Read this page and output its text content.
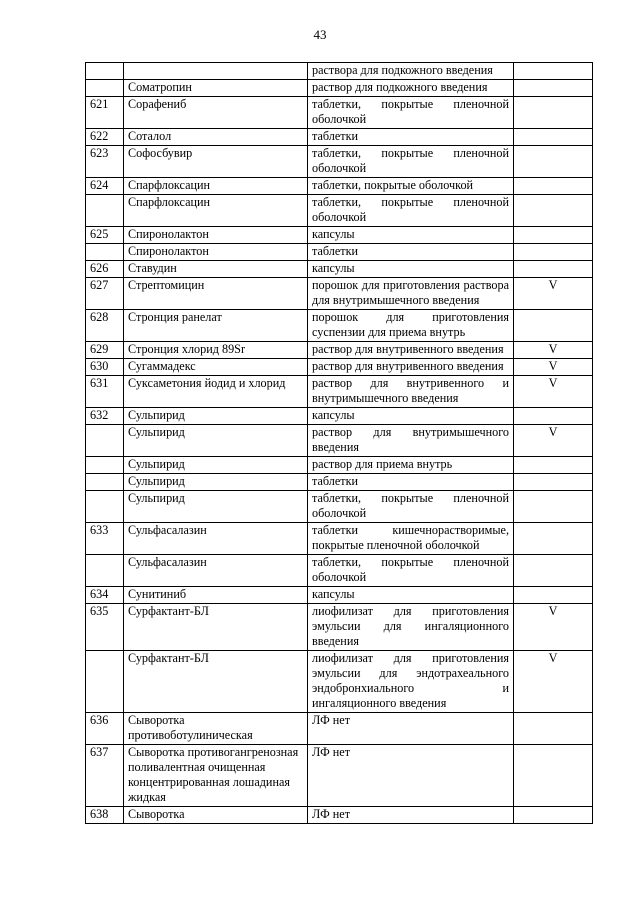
43
		раствора для подкожного введения	
	Соматропин	раствор для подкожного введения	
621	Сорафениб	таблетки, покрытые пленочной оболочкой	
622	Соталол	таблетки	
623	Софосбувир	таблетки, покрытые пленочной оболочкой	
624	Спарфлоксацин	таблетки, покрытые оболочкой	
	Спарфлоксацин	таблетки, покрытые пленочной оболочкой	
625	Спиронолактон	капсулы	
	Спиронолактон	таблетки	
626	Ставудин	капсулы	
627	Стрептомицин	порошок для приготовления раствора для внутримышечного введения	V
628	Стронция ранелат	порошок для приготовления суспензии для приема внутрь	
629	Стронция хлорид 89Sr	раствор для внутривенного введения	V
630	Сугаммадекс	раствор для внутривенного введения	V
631	Суксаметония йодид и хлорид	раствор для внутривенного и внутримышечного введения	V
632	Сульпирид	капсулы	
	Сульпирид	раствор для внутримышечного введения	V
	Сульпирид	раствор для приема внутрь	
	Сульпирид	таблетки	
	Сульпирид	таблетки, покрытые пленочной оболочкой	
633	Сульфасалазин	таблетки кишечнорастворимые, покрытые пленочной оболочкой	
	Сульфасалазин	таблетки, покрытые пленочной оболочкой	
634	Сунитиниб	капсулы	
635	Сурфактант-БЛ	лиофилизат для приготовления эмульсии для ингаляционного введения	V
	Сурфактант-БЛ	лиофилизат для приготовления эмульсии для эндотрахеального эндобронхиального и ингаляционного введения	V
636	Сыворотка противоботулиническая	ЛФ нет	
637	Сыворотка противогангренозная поливалентная очищенная концентрированная лошадиная жидкая	ЛФ нет	
638	Сыворотка	ЛФ нет	
